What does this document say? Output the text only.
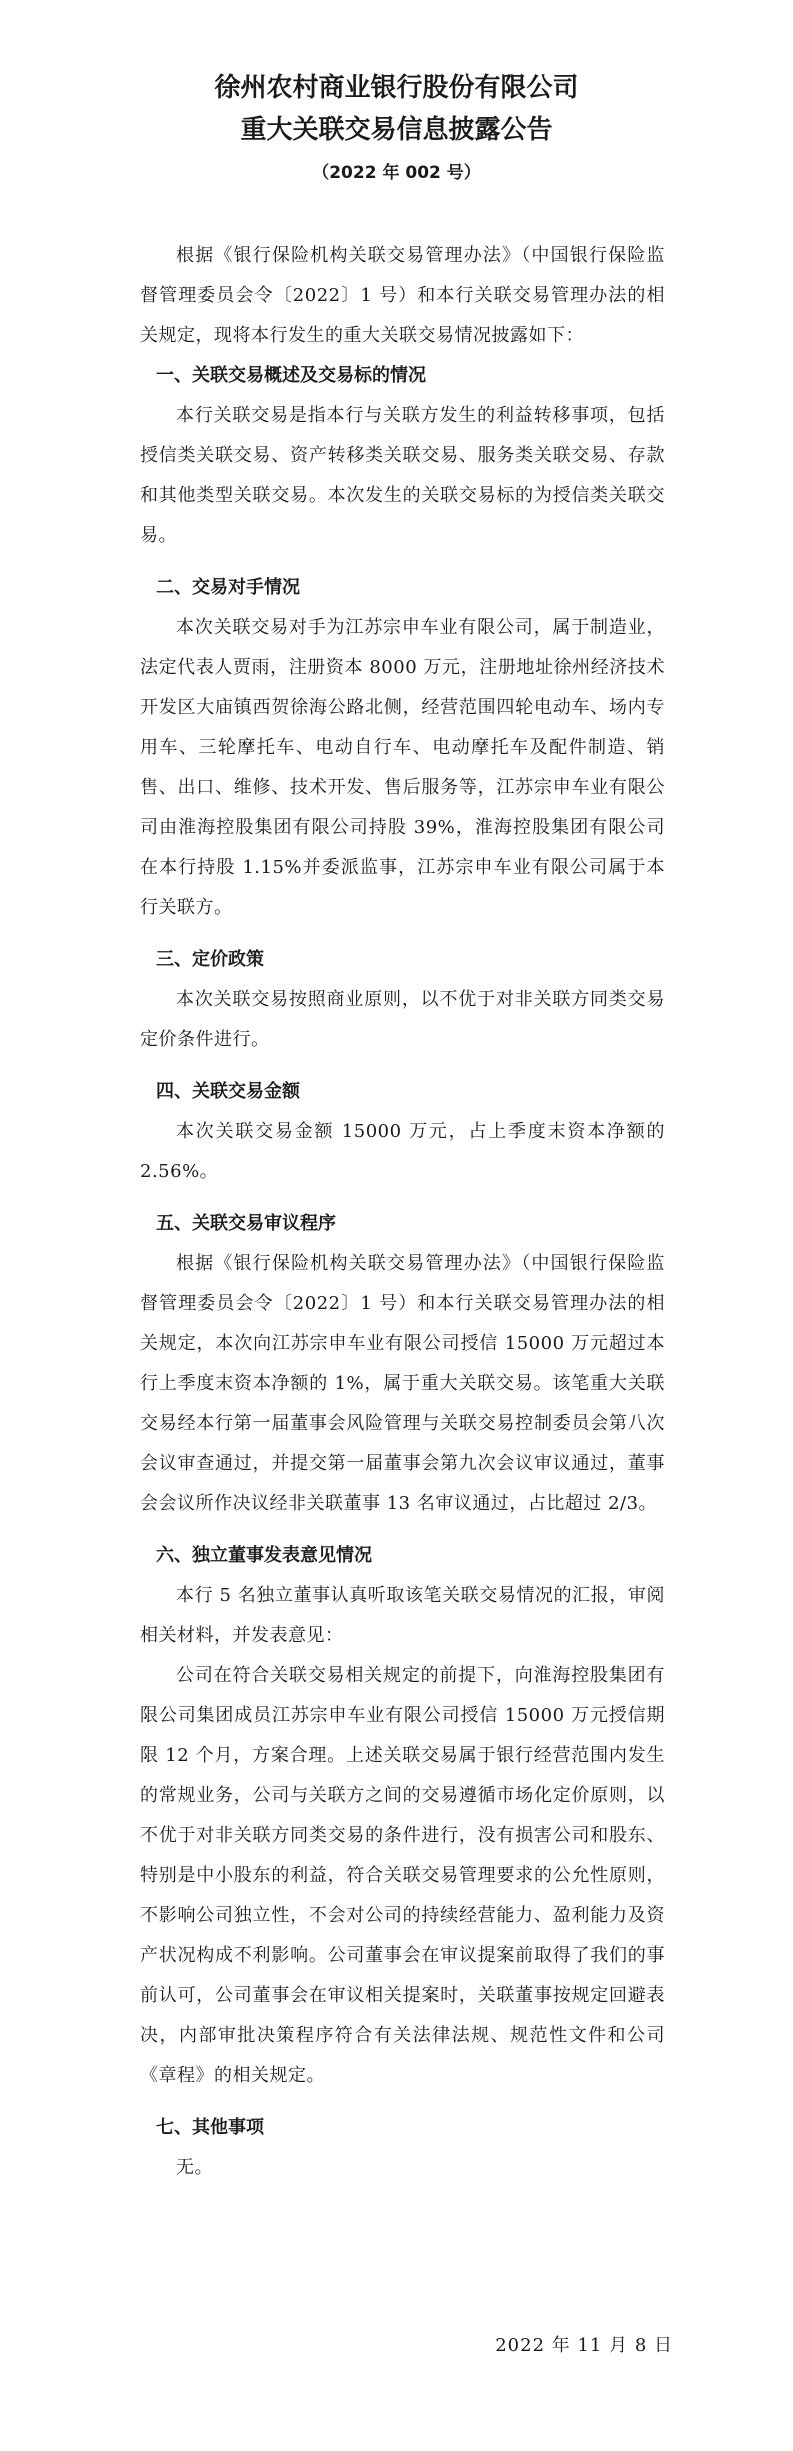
徐州农村商业银行股份有限公司
重大关联交易信息披露公告
（2022 年 002 号）

根据《银行保险机构关联交易管理办法》（中国银行保险监督管理委员会令〔2022〕1 号）和本行关联交易管理办法的相关规定，现将本行发生的重大关联交易情况披露如下：

一、关联交易概述及交易标的情况

本行关联交易是指本行与关联方发生的利益转移事项，包括授信类关联交易、资产转移类关联交易、服务类关联交易、存款和其他类型关联交易。本次发生的关联交易标的为授信类关联交易。

二、交易对手情况

本次关联交易对手为江苏宗申车业有限公司，属于制造业，法定代表人贾雨，注册资本 8000 万元，注册地址徐州经济技术开发区大庙镇西贺徐海公路北侧，经营范围四轮电动车、场内专用车、三轮摩托车、电动自行车、电动摩托车及配件制造、销售、出口、维修、技术开发、售后服务等，江苏宗申车业有限公司由淮海控股集团有限公司持股 39%，淮海控股集团有限公司在本行持股 1.15%并委派监事，江苏宗申车业有限公司属于本行关联方。

三、定价政策

本次关联交易按照商业原则，以不优于对非关联方同类交易定价条件进行。

四、关联交易金额

本次关联交易金额 15000 万元，占上季度末资本净额的 2.56%。

五、关联交易审议程序

根据《银行保险机构关联交易管理办法》（中国银行保险监督管理委员会令〔2022〕1 号）和本行关联交易管理办法的相关规定，本次向江苏宗申车业有限公司授信 15000 万元超过本行上季度末资本净额的 1%，属于重大关联交易。该笔重大关联交易经本行第一届董事会风险管理与关联交易控制委员会第八次会议审查通过，并提交第一届董事会第九次会议审议通过，董事会会议所作决议经非关联董事 13 名审议通过，占比超过 2/3。

六、独立董事发表意见情况

本行 5 名独立董事认真听取该笔关联交易情况的汇报，审阅相关材料，并发表意见：

公司在符合关联交易相关规定的前提下，向淮海控股集团有限公司集团成员江苏宗申车业有限公司授信 15000 万元授信期限 12 个月，方案合理。上述关联交易属于银行经营范围内发生的常规业务，公司与关联方之间的交易遵循市场化定价原则，以不优于对非关联方同类交易的条件进行，没有损害公司和股东、特别是中小股东的利益，符合关联交易管理要求的公允性原则，不影响公司独立性，不会对公司的持续经营能力、盈利能力及资产状况构成不利影响。公司董事会在审议提案前取得了我们的事前认可，公司董事会在审议相关提案时，关联董事按规定回避表决，内部审批决策程序符合有关法律法规、规范性文件和公司《章程》的相关规定。

七、其他事项

无。

2022 年 11 月 8 日
